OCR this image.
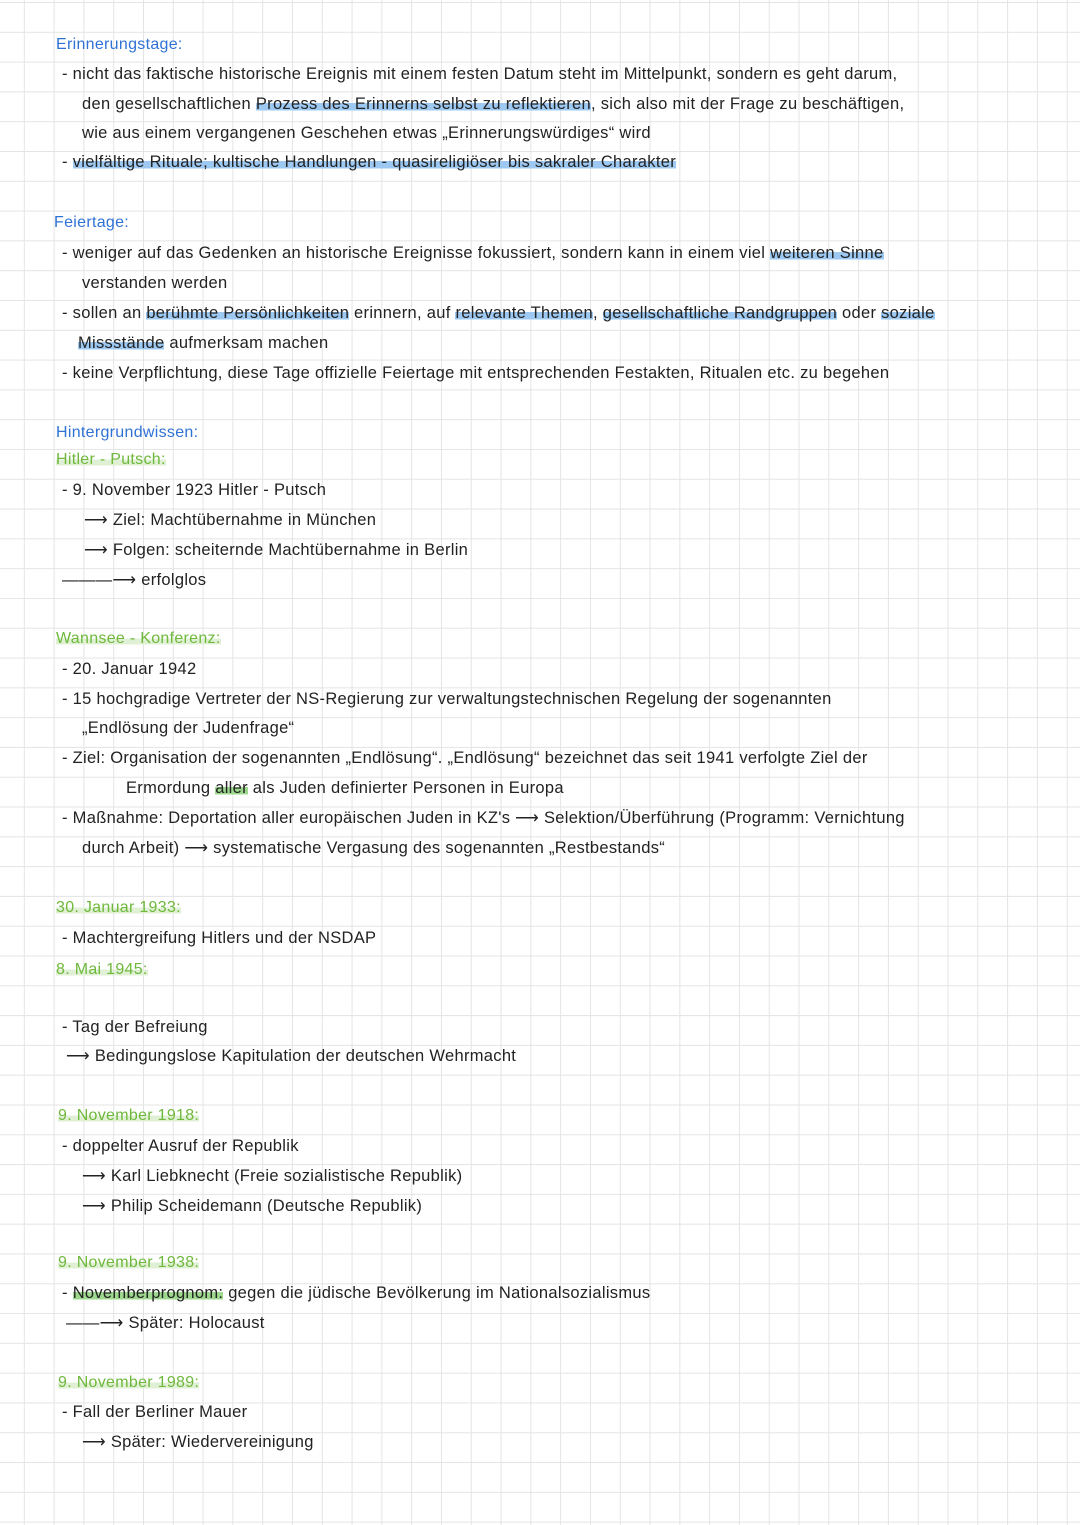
Erinnerungstage:
- nicht das faktische historische Ereignis mit einem festen Datum steht im Mittelpunkt, sondern es geht darum,
den gesellschaftlichen Prozess des Erinnerns selbst zu reflektieren, sich also mit der Frage zu beschäftigen,
wie aus einem vergangenen Geschehen etwas „Erinnerungswürdiges“ wird
- vielfältige Rituale; kultische Handlungen - quasireligiöser bis sakraler Charakter
Feiertage:
- weniger auf das Gedenken an historische Ereignisse fokussiert, sondern kann in einem viel weiteren Sinne
verstanden werden
- sollen an berühmte Persönlichkeiten erinnern, auf relevante Themen, gesellschaftliche Randgruppen oder soziale
Missstände aufmerksam machen
- keine Verpflichtung, diese Tage offizielle Feiertage mit entsprechenden Festakten, Ritualen etc. zu begehen
Hintergrundwissen:
Hitler - Putsch:
- 9. November 1923 Hitler - Putsch
⟶ Ziel: Machtübernahme in München
⟶ Folgen: scheiternde Machtübernahme in Berlin
———⟶ erfolglos
Wannsee - Konferenz:
- 20. Januar 1942
- 15 hochgradige Vertreter der NS-Regierung zur verwaltungstechnischen Regelung der sogenannten
„Endlösung der Judenfrage“
- Ziel: Organisation der sogenannten „Endlösung“. „Endlösung“ bezeichnet das seit 1941 verfolgte Ziel der
Ermordung aller als Juden definierter Personen in Europa
- Maßnahme: Deportation aller europäischen Juden in KZ's ⟶ Selektion/Überführung (Programm: Vernichtung
durch Arbeit) ⟶ systematische Vergasung des sogenannten „Restbestands“
30. Januar 1933:
- Machtergreifung Hitlers und der NSDAP
8. Mai 1945:
- Tag der Befreiung
⟶ Bedingungslose Kapitulation der deutschen Wehrmacht
9. November 1918:
- doppelter Ausruf der Republik
⟶ Karl Liebknecht (Freie sozialistische Republik)
⟶ Philip Scheidemann (Deutsche Republik)
9. November 1938:
- Novemberprognom: gegen die jüdische Bevölkerung im Nationalsozialismus
——⟶ Später: Holocaust
9. November 1989:
- Fall der Berliner Mauer
⟶ Später: Wiedervereinigung
